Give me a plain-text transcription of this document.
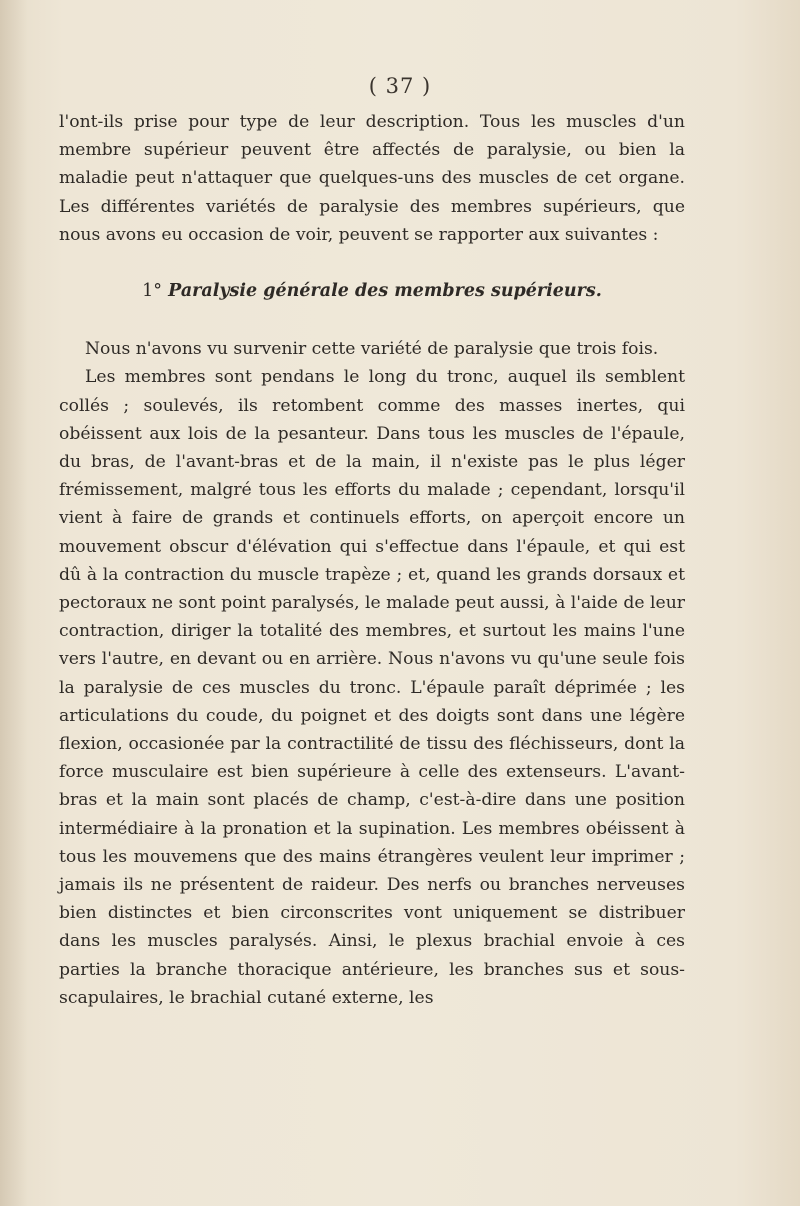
( 37 )

l'ont-ils prise pour type de leur description. Tous les muscles d'un membre supérieur peuvent être affectés de paralysie, ou bien la maladie peut n'attaquer que quelques-uns des muscles de cet organe. Les différentes variétés de paralysie des membres supérieurs, que nous avons eu occasion de voir, peuvent se rapporter aux suivantes :

1° Paralysie générale des membres supérieurs.

Nous n'avons vu survenir cette variété de paralysie que trois fois.

Les membres sont pendans le long du tronc, auquel ils semblent collés ; soulevés, ils retombent comme des masses inertes, qui obéissent aux lois de la pesanteur. Dans tous les muscles de l'épaule, du bras, de l'avant-bras et de la main, il n'existe pas le plus léger frémissement, malgré tous les efforts du malade ; cependant, lorsqu'il vient à faire de grands et continuels efforts, on aperçoit encore un mouvement obscur d'élévation qui s'effectue dans l'épaule, et qui est dû à la contraction du muscle trapèze ; et, quand les grands dorsaux et pectoraux ne sont point paralysés, le malade peut aussi, à l'aide de leur contraction, diriger la totalité des membres, et surtout les mains l'une vers l'autre, en devant ou en arrière. Nous n'avons vu qu'une seule fois la paralysie de ces muscles du tronc. L'épaule paraît déprimée ; les articulations du coude, du poignet et des doigts sont dans une légère flexion, occasionée par la contractilité de tissu des fléchisseurs, dont la force musculaire est bien supérieure à celle des extenseurs. L'avant-bras et la main sont placés de champ, c'est-à-dire dans une position intermédiaire à la pronation et la supination. Les membres obéissent à tous les mouvemens que des mains étrangères veulent leur imprimer ; jamais ils ne présentent de raideur. Des nerfs ou branches nerveuses bien distinctes et bien circonscrites vont uniquement se distribuer dans les muscles paralysés. Ainsi, le plexus brachial envoie à ces parties la branche thoracique antérieure, les branches sus et sous-scapulaires, le brachial cutané externe, les
